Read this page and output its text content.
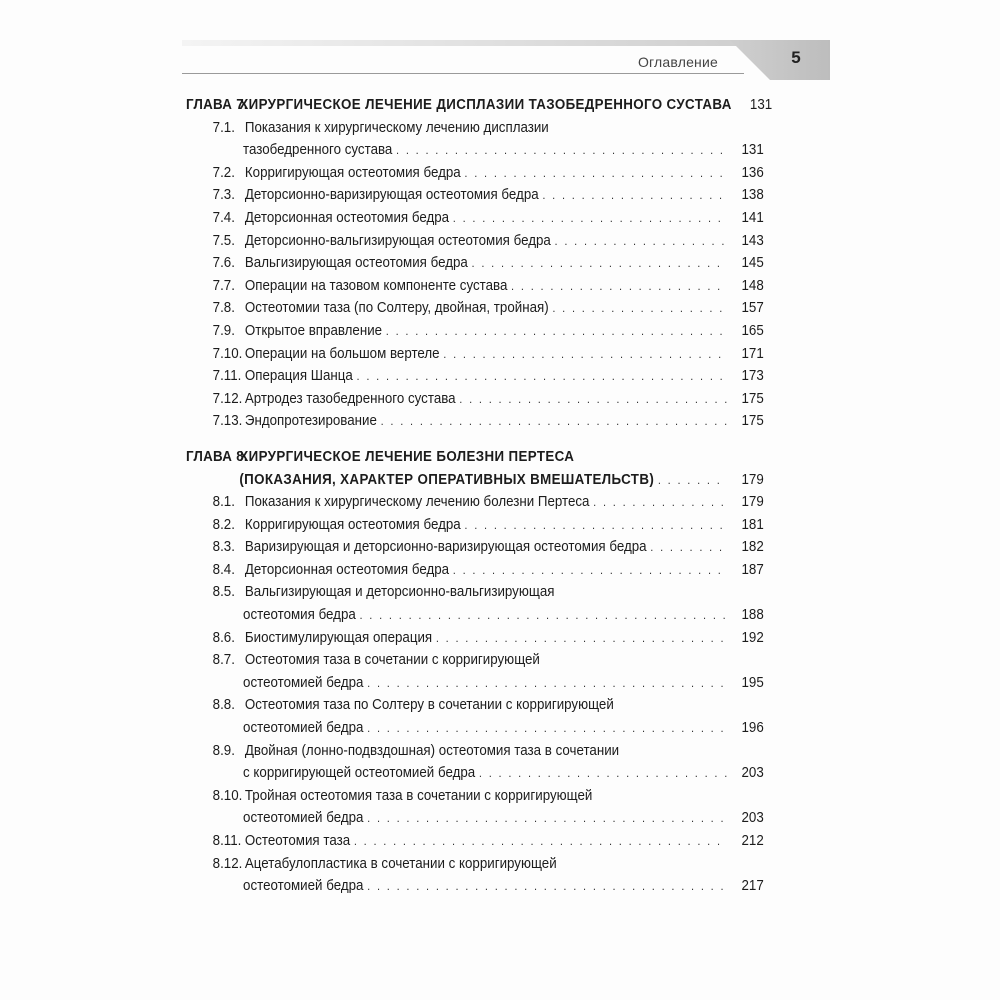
Оглавление	5
ГЛАВА 7.
ХИРУРГИЧЕСКОЕ ЛЕЧЕНИЕ ДИСПЛАЗИИ ТАЗОБЕДРЕННОГО СУСТАВА	131
7.1. Показания к хирургическому лечению дисплазии
тазобедренного сустава . . .	131
7.2. Корригирующая остеотомия бедра . . .	136
7.3. Деторсионно-варизирующая остеотомия бедра . . .	138
7.4. Деторсионная остеотомия бедра . . .	141
7.5. Деторсионно-вальгизирующая остеотомия бедра . . .	143
7.6. Вальгизирующая остеотомия бедра . . .	145
7.7. Операции на тазовом компоненте сустава . . .	148
7.8. Остеотомии таза (по Солтеру, двойная, тройная) . . .	157
7.9. Открытое вправление . . .	165
7.10. Операции на большом вертеле . . .	171
7.11. Операция Шанца . . .	173
7.12. Артродез тазобедренного сустава . . .	175
7.13. Эндопротезирование . . .	175
ГЛАВА 8.
ХИРУРГИЧЕСКОЕ ЛЕЧЕНИЕ БОЛЕЗНИ ПЕРТЕСА
(ПОКАЗАНИЯ, ХАРАКТЕР ОПЕРАТИВНЫХ ВМЕШАТЕЛЬСТВ) . . .	179
8.1. Показания к хирургическому лечению болезни Пертеса . . .	179
8.2. Корригирующая остеотомия бедра . . .	181
8.3. Варизирующая и деторсионно-варизирующая остеотомия бедра . . .	182
8.4. Деторсионная остеотомия бедра . . .	187
8.5. Вальгизирующая и деторсионно-вальгизирующая
остеотомия бедра . . .	188
8.6. Биостимулирующая операция . . .	192
8.7. Остеотомия таза в сочетании с корригирующей
остеотомией бедра . . .	195
8.8. Остеотомия таза по Солтеру в сочетании с корригирующей
остеотомией бедра . . .	196
8.9. Двойная (лонно-подвздошная) остеотомия таза в сочетании
с корригирующей остеотомией бедра . . .	203
8.10. Тройная остеотомия таза в сочетании с корригирующей
остеотомией бедра . . .	203
8.11. Остеотомия таза . . .	212
8.12. Ацетабулопластика в сочетании с корригирующей
остеотомией бедра . . .	217
